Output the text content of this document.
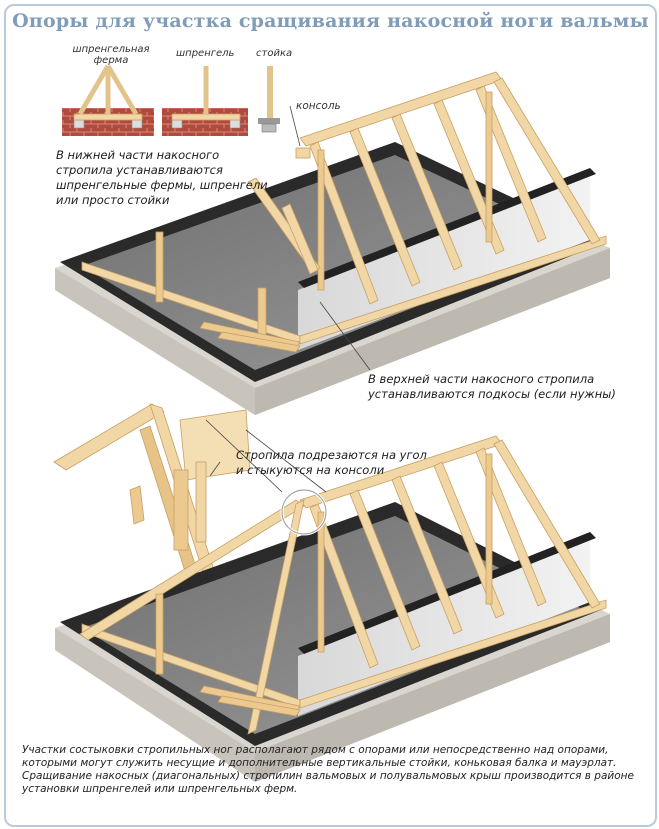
Опоры для участка сращивания накосной ноги вальмы
шпренгельная ферма
шпренгель стойка
консоль
В нижней части накосного стропила устанавливаются шпренгельные фермы, шпренгели или просто стойки
В верхней части накосного стропила устанавливаются подкосы (если нужны)
Стропила подрезаются на угол и стыкуются на консоли
Участки состыковки стропильных ног располагают рядом с опорами или непосредственно над опорами, которыми могут служить несущие и дополнительные вертикальные стойки, коньковая балка и мауэрлат. Сращивание накосных (диагональных) стропилин вальмовых и полувальмовых крыш производится в районе установки шпренгелей или шпренгельных ферм.
